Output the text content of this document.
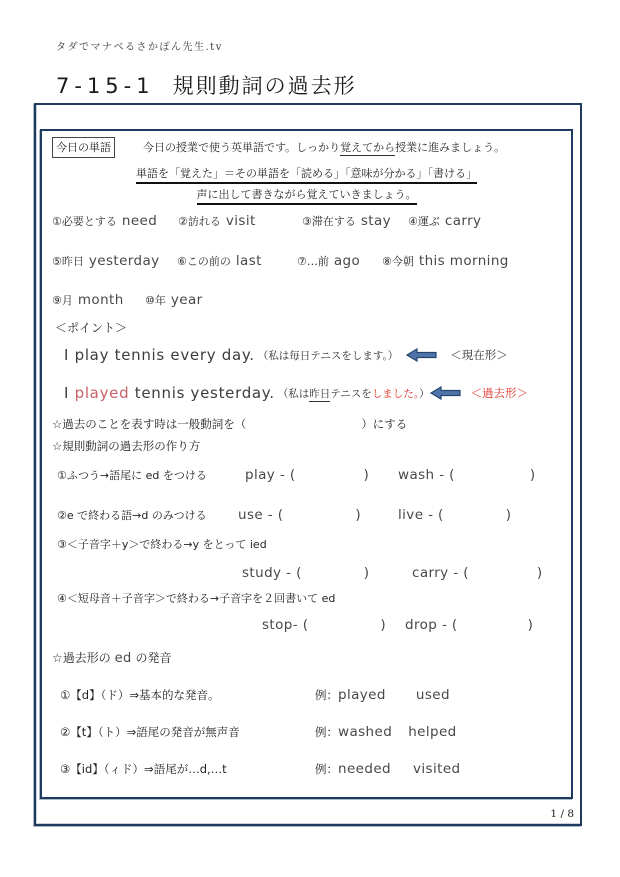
タダでマナベるさかぽん先生.tv
7-15-1 規則動詞の過去形
今日の単語	今日の授業で使う英単語です。しっかり覚えてから授業に進みましょう。
単語を「覚えた」＝その単語を「読める」「意味が分かる」「書ける」
声に出して書きながら覚えていきましょう。
①必要とする need	②訪れる visit	③滞在する stay	④運ぶ carry
⑤昨日 yesterday	⑥この前の last	⑦…前 ago	⑧今朝 this morning
⑨月 month	⑩年 year
＜ポイント＞
I play tennis every day. （私は毎日テニスをします。）	＜現在形＞
I played tennis yesterday. （私は昨日テニスをしました。）	＜過去形＞
☆過去のことを表す時は一般動詞を（	）にする
☆規則動詞の過去形の作り方
①ふつう→語尾に ed をつける	play - (	)	wash - (	)
②e で終わる語→d のみつける	use - (	)	live - (	)
③＜子音字＋y＞で終わる→y をとって ied
study - (	)	carry - (	)
④＜短母音＋子音字＞で終わる→子音字を２回書いて ed
stop- (	)	drop - (	)
☆過去形の ed の発音
①【d】（ド）⇒基本的な発音。	例： played used
②【t】（ト）⇒語尾の発音が無声音	例： washed helped
③【id】（ィド）⇒語尾が…d,…t	例： needed visited
1 / 8
